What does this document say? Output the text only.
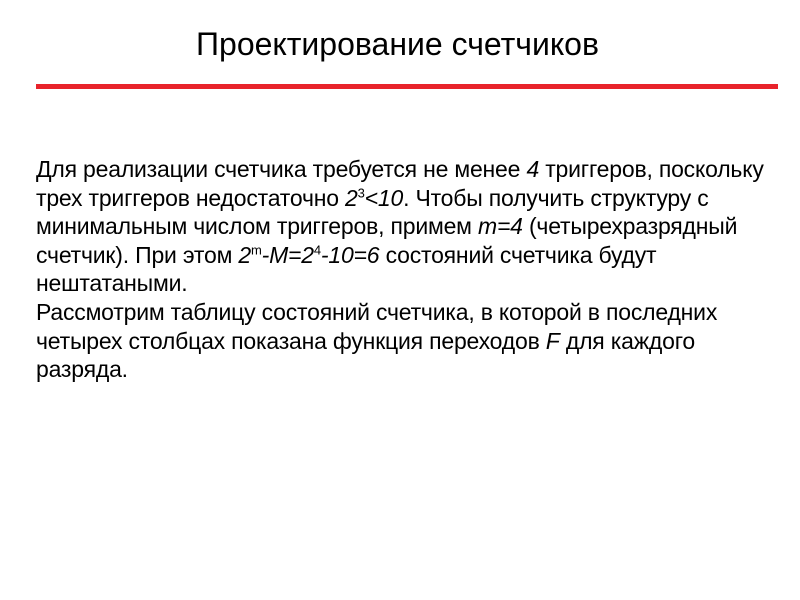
Проектирование счетчиков

Для реализации счетчика требуется не менее 4 триггеров, поскольку трех триггеров недостаточно $2^3<10$. Чтобы получить структуру с минимальным числом триггеров, примем m=4 (четырехразрядный счетчик). При этом $2^m-M=2^4-10=6$ состояний счетчика будут нештатаными.

Рассмотрим таблицу состояний счетчика, в которой в последних четырех столбцах показана функция переходов F для каждого разряда.
